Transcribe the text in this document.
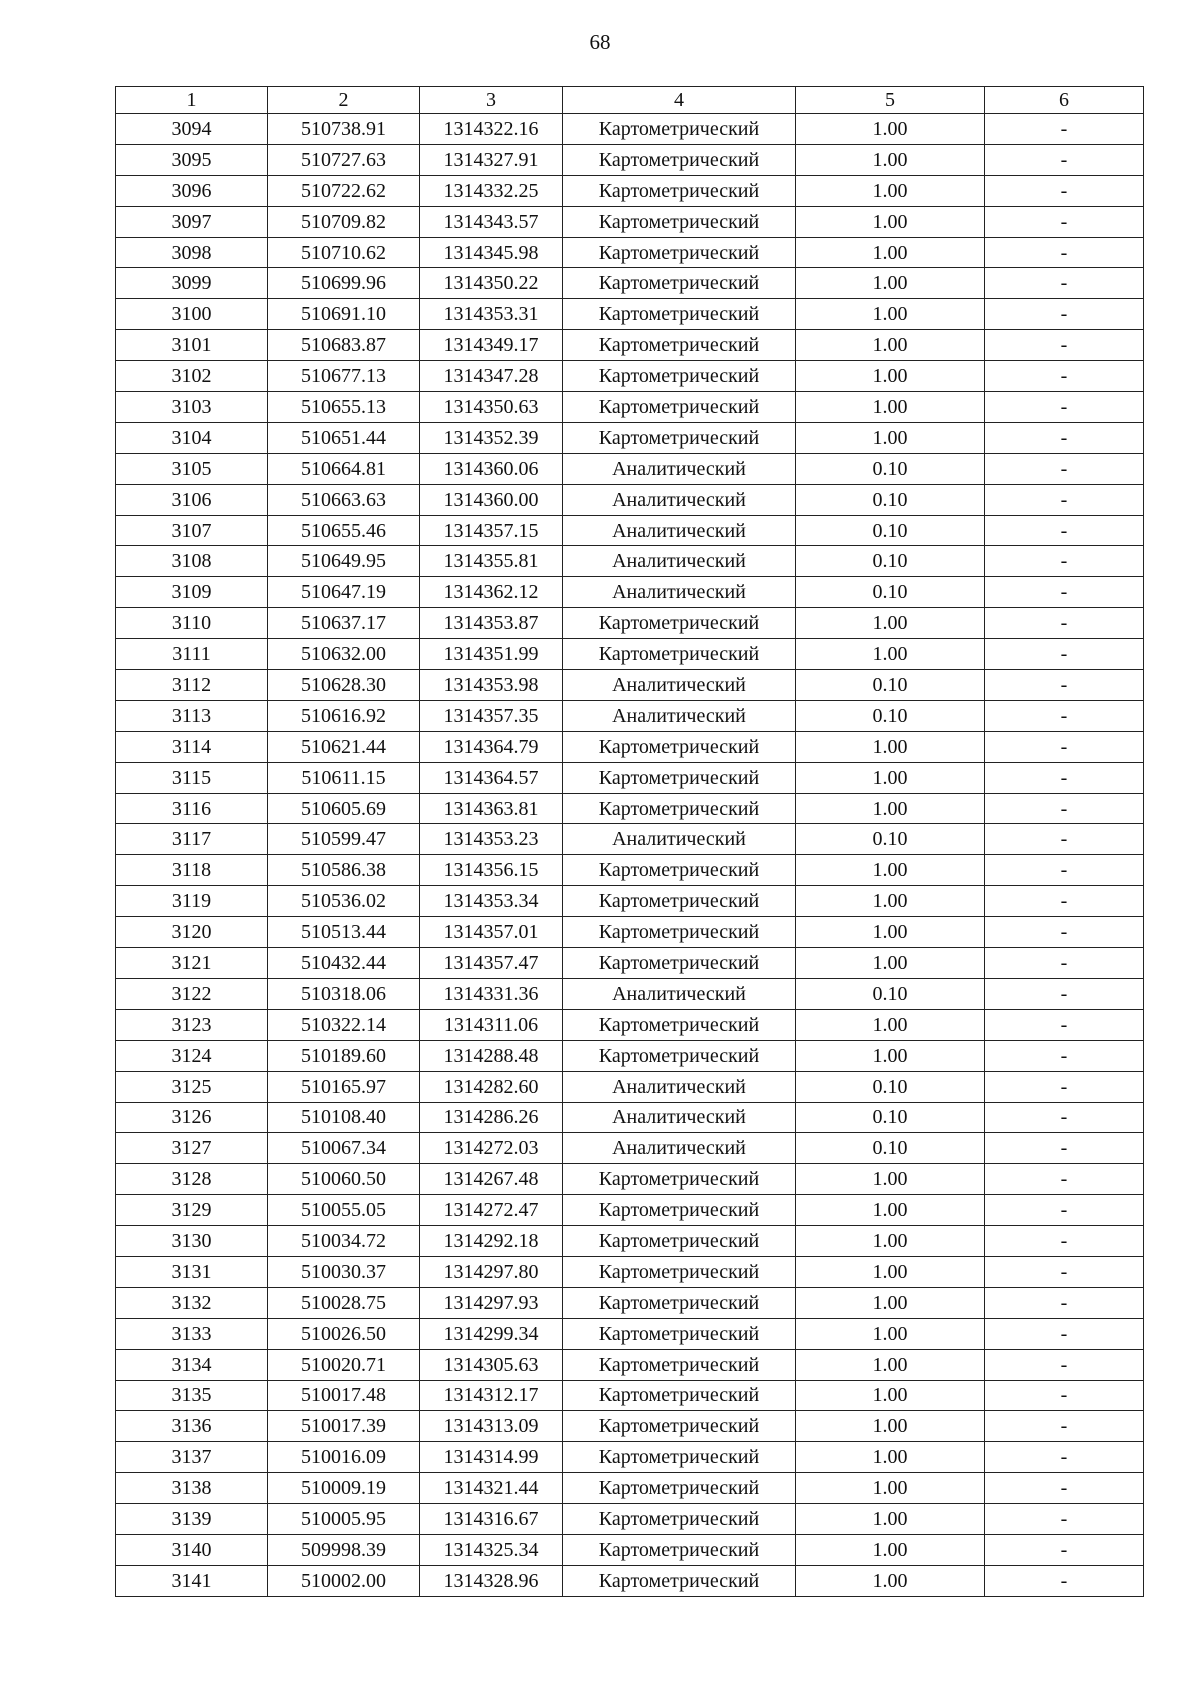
68
1	2	3	4	5	6
3094	510738.91	1314322.16	Картометрический	1.00	-
3095	510727.63	1314327.91	Картометрический	1.00	-
3096	510722.62	1314332.25	Картометрический	1.00	-
3097	510709.82	1314343.57	Картометрический	1.00	-
3098	510710.62	1314345.98	Картометрический	1.00	-
3099	510699.96	1314350.22	Картометрический	1.00	-
3100	510691.10	1314353.31	Картометрический	1.00	-
3101	510683.87	1314349.17	Картометрический	1.00	-
3102	510677.13	1314347.28	Картометрический	1.00	-
3103	510655.13	1314350.63	Картометрический	1.00	-
3104	510651.44	1314352.39	Картометрический	1.00	-
3105	510664.81	1314360.06	Аналитический	0.10	-
3106	510663.63	1314360.00	Аналитический	0.10	-
3107	510655.46	1314357.15	Аналитический	0.10	-
3108	510649.95	1314355.81	Аналитический	0.10	-
3109	510647.19	1314362.12	Аналитический	0.10	-
3110	510637.17	1314353.87	Картометрический	1.00	-
3111	510632.00	1314351.99	Картометрический	1.00	-
3112	510628.30	1314353.98	Аналитический	0.10	-
3113	510616.92	1314357.35	Аналитический	0.10	-
3114	510621.44	1314364.79	Картометрический	1.00	-
3115	510611.15	1314364.57	Картометрический	1.00	-
3116	510605.69	1314363.81	Картометрический	1.00	-
3117	510599.47	1314353.23	Аналитический	0.10	-
3118	510586.38	1314356.15	Картометрический	1.00	-
3119	510536.02	1314353.34	Картометрический	1.00	-
3120	510513.44	1314357.01	Картометрический	1.00	-
3121	510432.44	1314357.47	Картометрический	1.00	-
3122	510318.06	1314331.36	Аналитический	0.10	-
3123	510322.14	1314311.06	Картометрический	1.00	-
3124	510189.60	1314288.48	Картометрический	1.00	-
3125	510165.97	1314282.60	Аналитический	0.10	-
3126	510108.40	1314286.26	Аналитический	0.10	-
3127	510067.34	1314272.03	Аналитический	0.10	-
3128	510060.50	1314267.48	Картометрический	1.00	-
3129	510055.05	1314272.47	Картометрический	1.00	-
3130	510034.72	1314292.18	Картометрический	1.00	-
3131	510030.37	1314297.80	Картометрический	1.00	-
3132	510028.75	1314297.93	Картометрический	1.00	-
3133	510026.50	1314299.34	Картометрический	1.00	-
3134	510020.71	1314305.63	Картометрический	1.00	-
3135	510017.48	1314312.17	Картометрический	1.00	-
3136	510017.39	1314313.09	Картометрический	1.00	-
3137	510016.09	1314314.99	Картометрический	1.00	-
3138	510009.19	1314321.44	Картометрический	1.00	-
3139	510005.95	1314316.67	Картометрический	1.00	-
3140	509998.39	1314325.34	Картометрический	1.00	-
3141	510002.00	1314328.96	Картометрический	1.00	-
